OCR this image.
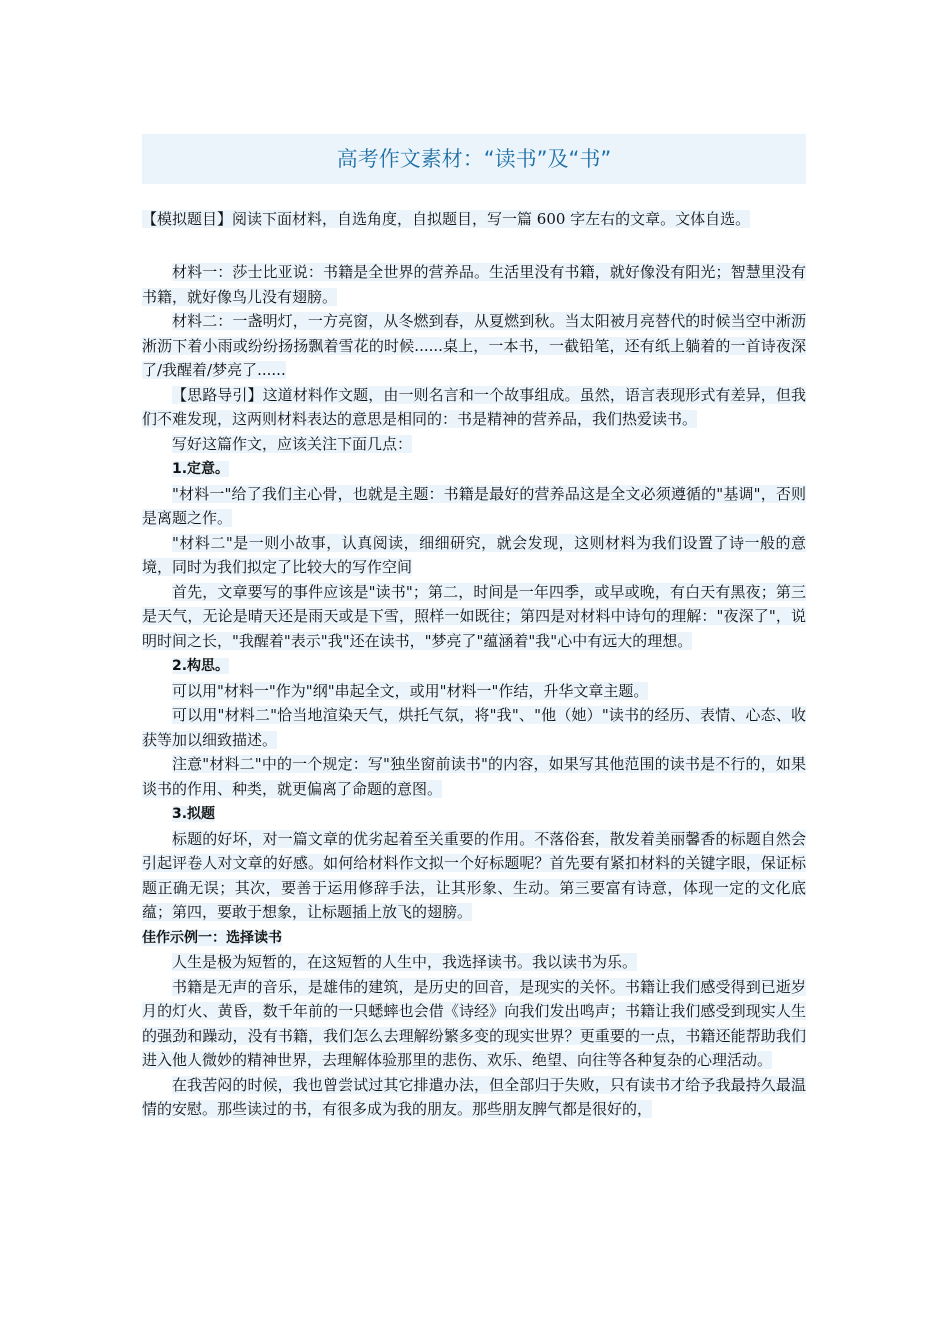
高考作文素材：“读书”及“书”
【模拟题目】阅读下面材料，自选角度，自拟题目，写一篇 600 字左右的文章。文体自选。

材料一：莎士比亚说：书籍是全世界的营养品。生活里没有书籍，就好像没有阳光；智慧里没有书籍，就好像鸟儿没有翅膀。

材料二：一盏明灯，一方亮窗，从冬燃到春，从夏燃到秋。当太阳被月亮替代的时候当空中淅沥淅沥下着小雨或纷纷扬扬飘着雪花的时候......桌上，一本书，一截铅笔，还有纸上躺着的一首诗夜深了/我醒着/梦亮了......

【思路导引】这道材料作文题，由一则名言和一个故事组成。虽然，语言表现形式有差异，但我们不难发现，这两则材料表达的意思是相同的：书是精神的营养品，我们热爱读书。

写好这篇作文，应该关注下面几点：

1.定意。

"材料一"给了我们主心骨，也就是主题：书籍是最好的营养品这是全文必须遵循的"基调"，否则是离题之作。

"材料二"是一则小故事，认真阅读，细细研究，就会发现，这则材料为我们设置了诗一般的意境，同时为我们拟定了比较大的写作空间

首先，文章要写的事件应该是"读书"；第二，时间是一年四季，或早或晚，有白天有黑夜；第三是天气，无论是晴天还是雨天或是下雪，照样一如既往；第四是对材料中诗句的理解："夜深了"，说明时间之长，"我醒着"表示"我"还在读书，"梦亮了"蕴涵着"我"心中有远大的理想。

2.构思。

可以用"材料一"作为"纲"串起全文，或用"材料一"作结，升华文章主题。

可以用"材料二"恰当地渲染天气，烘托气氛，将"我"、"他（她）"读书的经历、表情、心态、收获等加以细致描述。

注意"材料二"中的一个规定：写"独坐窗前读书"的内容，如果写其他范围的读书是不行的，如果谈书的作用、种类，就更偏离了命题的意图。

3.拟题

标题的好坏，对一篇文章的优劣起着至关重要的作用。不落俗套，散发着美丽馨香的标题自然会引起评卷人对文章的好感。如何给材料作文拟一个好标题呢？首先要有紧扣材料的关键字眼，保证标题正确无误；其次，要善于运用修辞手法，让其形象、生动。第三要富有诗意，体现一定的文化底蕴；第四，要敢于想象，让标题插上放飞的翅膀。

佳作示例一：选择读书

人生是极为短暂的，在这短暂的人生中，我选择读书。我以读书为乐。

书籍是无声的音乐，是雄伟的建筑，是历史的回音，是现实的关怀。书籍让我们感受得到已逝岁月的灯火、黄昏，数千年前的一只蟋蟀也会借《诗经》向我们发出鸣声；书籍让我们感受到现实人生的强劲和躁动，没有书籍，我们怎么去理解纷繁多变的现实世界？更重要的一点，书籍还能帮助我们进入他人微妙的精神世界，去理解体验那里的悲伤、欢乐、绝望、向往等各种复杂的心理活动。

在我苦闷的时候，我也曾尝试过其它排遣办法，但全部归于失败，只有读书才给予我最持久最温情的安慰。那些读过的书，有很多成为我的朋友。那些朋友脾气都是很好的，
